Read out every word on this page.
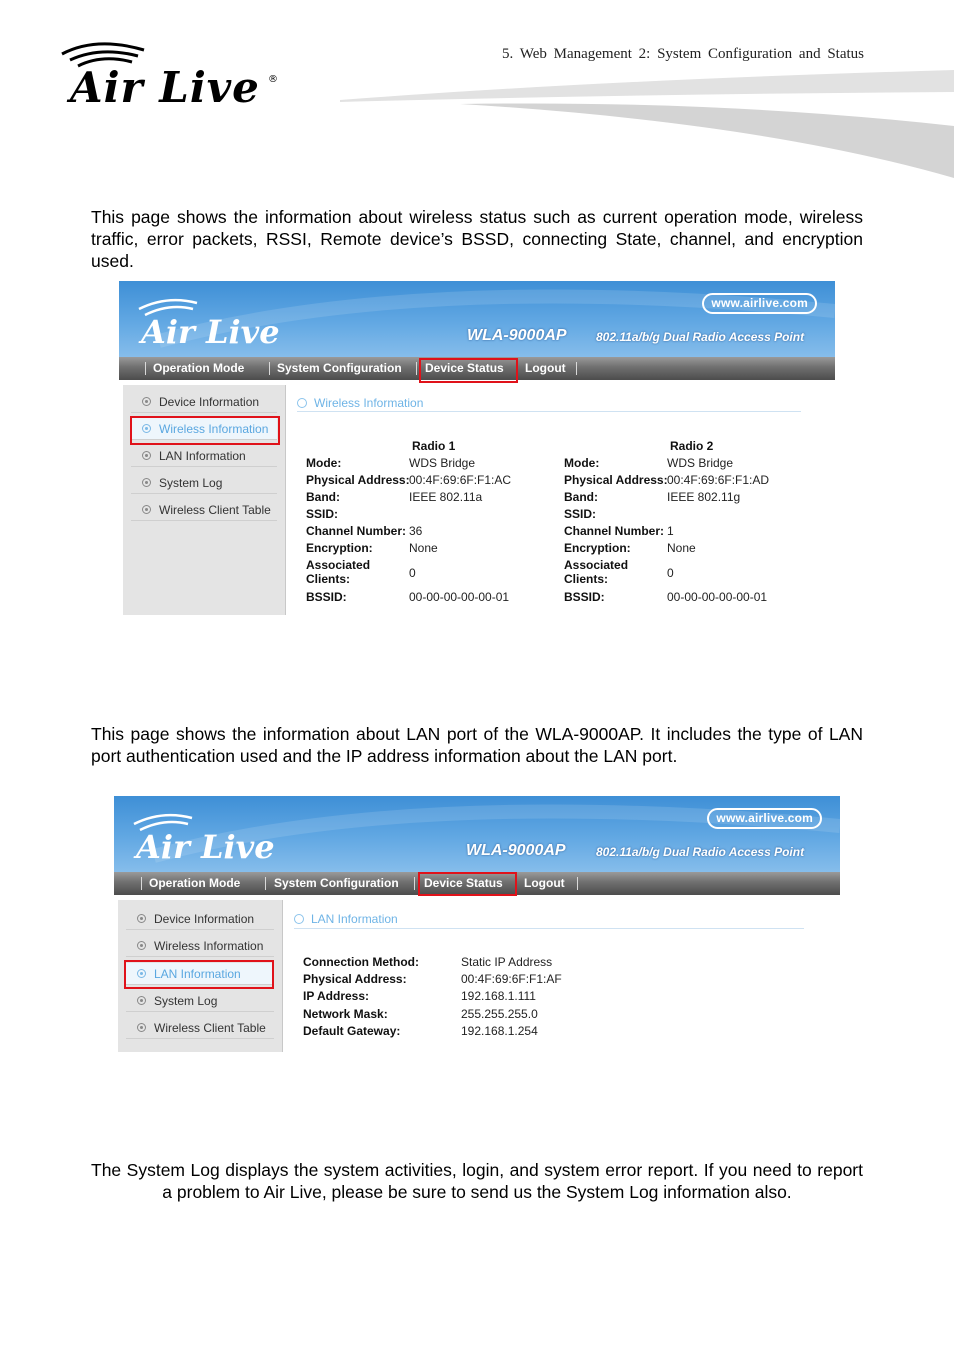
Air Live ®
5. Web Management 2: System Configuration and Status
This page shows the information about wireless status such as current operation mode, wireless traffic, error packets, RSSI, Remote device’s BSSD, connecting State, channel, and encryption used.
Air Live
www.airlive.com
WLA-9000AP 802.11a/b/g Dual Radio Access Point
Operation Mode	System Configuration Device Status Logout
Device Information
Wireless Information
LAN Information
System Log
Wireless Client Table
Wireless Information
Radio 1	Radio 2
Mode:	WDS Bridge
Physical Address: 00:4F:69:6F:F1:AC
Band:	IEEE 802.11a
SSID:
Channel Number: 36
Encryption:	None
Associated Clients:	0
BSSID:	00-00-00-00-00-01
Mode:	WDS Bridge
Physical Address: 00:4F:69:6F:F1:AD
Band:	IEEE 802.11g
SSID:
Channel Number: 1
Encryption:	None
Associated Clients:	0
BSSID:	00-00-00-00-00-01
This page shows the information about LAN port of the WLA-9000AP. It includes the type of LAN port authentication used and the IP address information about the LAN port.
Air Live
www.airlive.com
WLA-9000AP	802.11a/b/g Dual Radio Access Point
Operation Mode	System Configuration Device Status Logout
Device Information
Wireless Information
LAN Information
System Log
Wireless Client Table
LAN Information
Connection Method:	Static IP Address
Physical Address:	00:4F:69:6F:F1:AF
IP Address:	192.168.1.111
Network Mask:	255.255.255.0
Default Gateway:	192.168.1.254
The System Log displays the system activities, login, and system error report. If you need to report a problem to Air Live, please be sure to send us the System Log information also.
